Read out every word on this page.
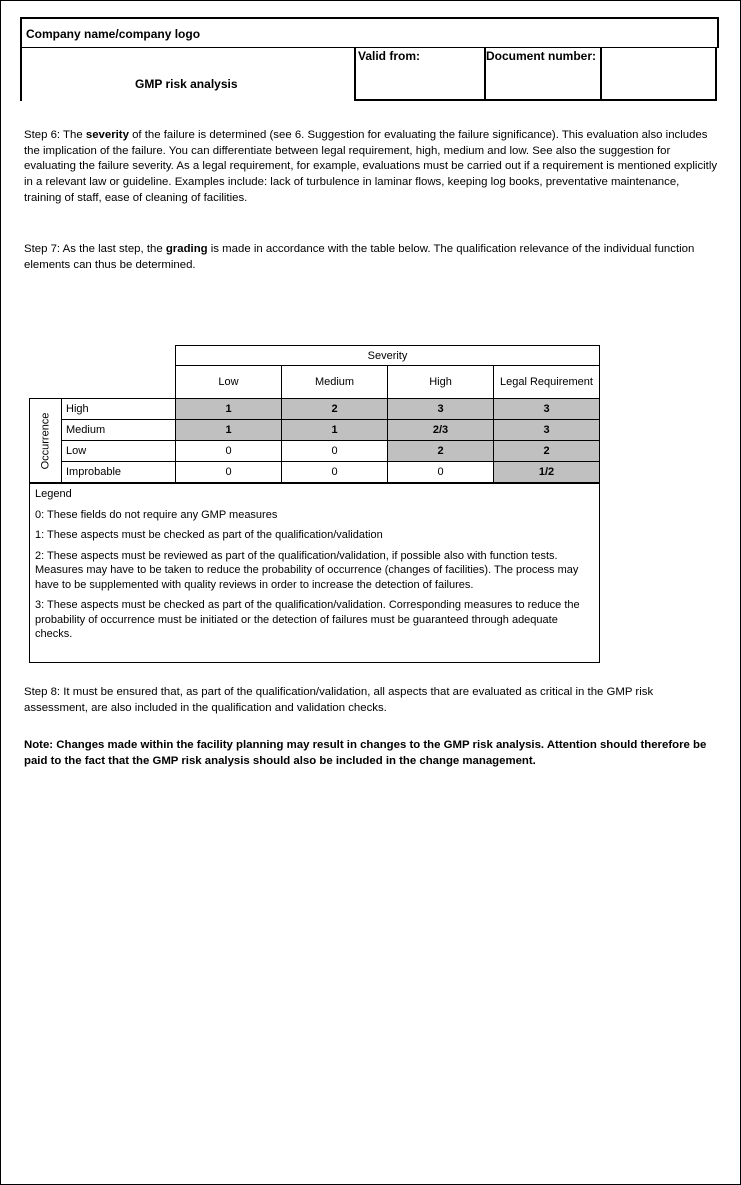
Company name/company logo
GMP risk analysis
Valid from:	Document number:
Step 6: The severity of the failure is determined (see 6. Suggestion for evaluating the failure significance). This evaluation also includes the implication of the failure. You can differentiate between legal requirement, high, medium and low. See also the suggestion for evaluating the failure severity. As a legal requirement, for example, evaluations must be carried out if a requirement is mentioned explicitly in a relevant law or guideline. Examples include: lack of turbulence in laminar flows, keeping log books, preventative maintenance, training of staff, ease of cleaning of facilities.
Step 7: As the last step, the grading is made in accordance with the table below. The qualification relevance of the individual function elements can thus be determined.
Severity
Low	Medium	High	Legal Requirement
Occurrence
High	1	2	3	3
Medium	1	1	2/3	3
Low	0	0	2	2
Improbable	0	0	0	1/2

Legend

0: These fields do not require any GMP measures

1: These aspects must be checked as part of the qualification/validation

2: These aspects must be reviewed as part of the qualification/validation, if possible also with function tests. Measures may have to be taken to reduce the probability of occurrence (changes of facilities). The process may have to be supplemented with quality reviews in order to increase the detection of failures.

3: These aspects must be checked as part of the qualification/validation. Corresponding measures to reduce the probability of occurrence must be initiated or the detection of failures must be guaranteed through adequate checks.

Step 8: It must be ensured that, as part of the qualification/validation, all aspects that are evaluated as critical in the GMP risk assessment, are also included in the qualification and validation checks.
Note: Changes made within the facility planning may result in changes to the GMP risk analysis. Attention should therefore be paid to the fact that the GMP risk analysis should also be included in the change management.
